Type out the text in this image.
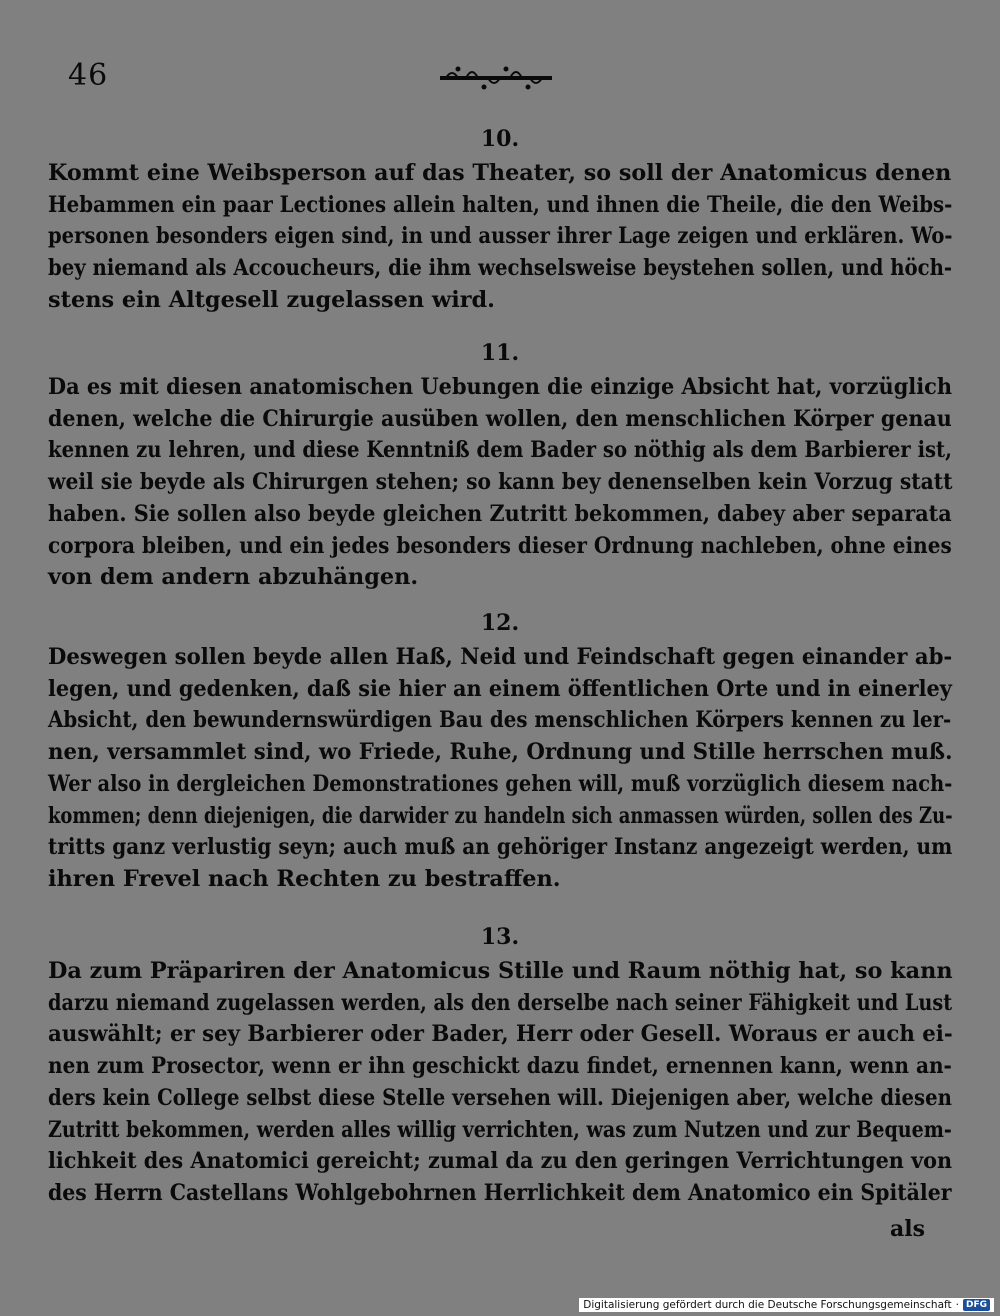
46
10.

Kommt eine Weibsperson auf das Theater, so soll der Anatomicus denen
Hebammen ein paar Lectiones allein halten, und ihnen die Theile, die den Weibs-
personen besonders eigen sind, in und ausser ihrer Lage zeigen und erklären. Wo-
bey niemand als Accoucheurs, die ihm wechselsweise beystehen sollen, und höch-
stens ein Altgesell zugelassen wird.

11.

Da es mit diesen anatomischen Uebungen die einzige Absicht hat, vorzüglich
denen, welche die Chirurgie ausüben wollen, den menschlichen Körper genau
kennen zu lehren, und diese Kenntniß dem Bader so nöthig als dem Barbierer ist,
weil sie beyde als Chirurgen stehen; so kann bey denenselben kein Vorzug statt
haben. Sie sollen also beyde gleichen Zutritt bekommen, dabey aber separata
corpora bleiben, und ein jedes besonders dieser Ordnung nachleben, ohne eines
von dem andern abzuhängen.

12.

Deswegen sollen beyde allen Haß, Neid und Feindschaft gegen einander ab-
legen, und gedenken, daß sie hier an einem öffentlichen Orte und in einerley
Absicht, den bewundernswürdigen Bau des menschlichen Körpers kennen zu ler-
nen, versammlet sind, wo Friede, Ruhe, Ordnung und Stille herrschen muß.
Wer also in dergleichen Demonstrationes gehen will, muß vorzüglich diesem nach-
kommen; denn diejenigen, die darwider zu handeln sich anmassen würden, sollen des Zu-
tritts ganz verlustig seyn; auch muß an gehöriger Instanz angezeigt werden, um
ihren Frevel nach Rechten zu bestraffen.

13.

Da zum Präpariren der Anatomicus Stille und Raum nöthig hat, so kann
darzu niemand zugelassen werden, als den derselbe nach seiner Fähigkeit und Lust
auswählt; er sey Barbierer oder Bader, Herr oder Gesell. Woraus er auch ei-
nen zum Prosector, wenn er ihn geschickt dazu findet, ernennen kann, wenn an-
ders kein College selbst diese Stelle versehen will. Diejenigen aber, welche diesen
Zutritt bekommen, werden alles willig verrichten, was zum Nutzen und zur Bequem-
lichkeit des Anatomici gereicht; zumal da zu den geringen Verrichtungen von
des Herrn Castellans Wohlgebohrnen Herrlichkeit dem Anatomico ein Spitäler

als
Digitalisierung gefördert durch die Deutsche Forschungsgemeinschaft · DFG
